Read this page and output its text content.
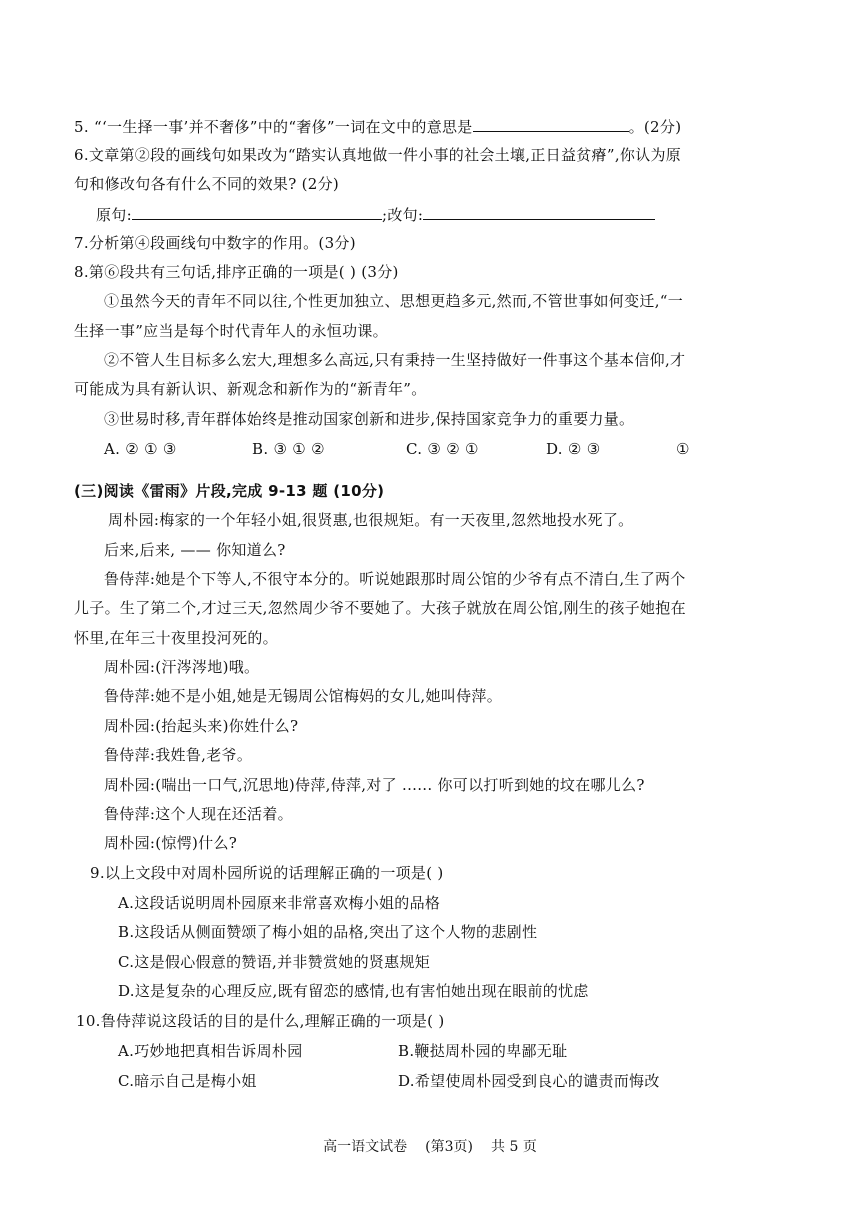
5. “‘一生择一事’并不奢侈”中的“奢侈”一词在文中的意思是	。(2分)
6.文章第②段的画线句如果改为“踏实认真地做一件小事的社会土壤,正日益贫瘠”,你认为原
句和修改句各有什么不同的效果? (2分)
原句:	;改句:
7.分析第④段画线句中数字的作用。(3分)
8.第⑥段共有三句话,排序正确的一项是( ) (3分)
①虽然今天的青年不同以往,个性更加独立、思想更趋多元,然而,不管世事如何变迁,“一
生择一事”应当是每个时代青年人的永恒功课。
②不管人生目标多么宏大,理想多么高远,只有秉持一生坚持做好一件事这个基本信仰,才
可能成为具有新认识、新观念和新作为的“新青年”。
③世易时移,青年群体始终是推动国家创新和进步,保持国家竞争力的重要力量。
A. ② ① ③	B. ③ ① ②	C. ③ ② ①	D. ② ③	①
(三)阅读《雷雨》片段,完成 9-13 题 (10分)
周朴园:梅家的一个年轻小姐,很贤惠,也很规矩。有一天夜里,忽然地投水死了。
后来,后来, —— 你知道么?
鲁侍萍:她是个下等人,不很守本分的。听说她跟那时周公馆的少爷有点不清白,生了两个
儿子。生了第二个,才过三天,忽然周少爷不要她了。大孩子就放在周公馆,刚生的孩子她抱在
怀里,在年三十夜里投河死的。
周朴园:(汗涔涔地)哦。
鲁侍萍:她不是小姐,她是无锡周公馆梅妈的女儿,她叫侍萍。
周朴园:(抬起头来)你姓什么?
鲁侍萍:我姓鲁,老爷。
周朴园:(喘出一口气,沉思地)侍萍,侍萍,对了 ...... 你可以打听到她的坟在哪儿么?
鲁侍萍:这个人现在还活着。
周朴园:(惊愕)什么?
9.以上文段中对周朴园所说的话理解正确的一项是( )
A.这段话说明周朴园原来非常喜欢梅小姐的品格
B.这段话从侧面赞颂了梅小姐的品格,突出了这个人物的悲剧性
C.这是假心假意的赞语,并非赞赏她的贤惠规矩
D.这是复杂的心理反应,既有留恋的感情,也有害怕她出现在眼前的忧虑
10.鲁侍萍说这段话的目的是什么,理解正确的一项是( )
A.巧妙地把真相告诉周朴园	B.鞭挞周朴园的卑鄙无耻
C.暗示自己是梅小姐	D.希望使周朴园受到良心的谴责而悔改
高一语文试卷 (第3页) 共 5 页
